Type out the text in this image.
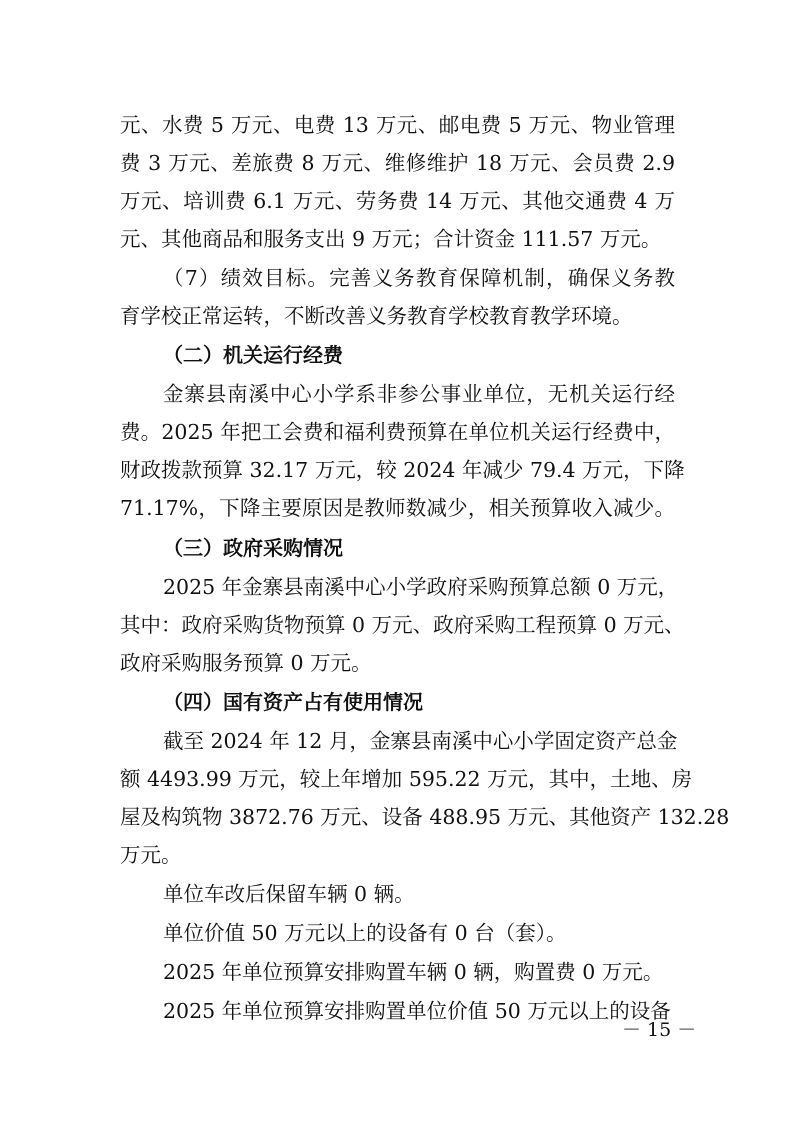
元、水费 5 万元、电费 13 万元、邮电费 5 万元、物业管理
费 3 万元、差旅费 8 万元、维修维护 18 万元、会员费 2.9
万元、培训费 6.1 万元、劳务费 14 万元、其他交通费 4 万
元、其他商品和服务支出 9 万元；合计资金 111.57 万元。
（7）绩效目标。完善义务教育保障机制，确保义务教
育学校正常运转，不断改善义务教育学校教育教学环境。
（二）机关运行经费
金寨县南溪中心小学系非参公事业单位，无机关运行经
费。2025 年把工会费和福利费预算在单位机关运行经费中，
财政拨款预算 32.17 万元，较 2024 年减少 79.4 万元，下降
71.17%，下降主要原因是教师数减少，相关预算收入减少。
（三）政府采购情况
2025 年金寨县南溪中心小学政府采购预算总额 0 万元，
其中：政府采购货物预算 0 万元、政府采购工程预算 0 万元、
政府采购服务预算 0 万元。
（四）国有资产占有使用情况
截至 2024 年 12 月，金寨县南溪中心小学固定资产总金
额 4493.99 万元，较上年增加 595.22 万元，其中，土地、房
屋及构筑物 3872.76 万元、设备 488.95 万元、其他资产 132.28
万元。
单位车改后保留车辆 0 辆。
单位价值 50 万元以上的设备有 0 台（套）。
2025 年单位预算安排购置车辆 0 辆，购置费 0 万元。
2025 年单位预算安排购置单位价值 50 万元以上的设备
－ 15 －
